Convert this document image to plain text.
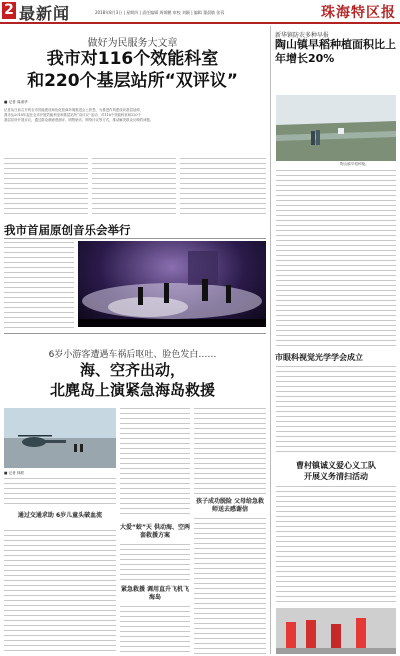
2 最新闻	2018年8月3日 | 星期四 | 责任编辑 周炳鹏 审校 刘颖 | 编辑 董晨敏 张蓉	珠海特区报
做好为民服务大文章
我市对116个效能科室
和220个基层站所“双评议”
■ 记者 周淑华
记者从日前召开的全市效能建设和优化营商环境推进会上获悉，为推进作风建设向基层延伸，
我市从2018年起在全市开展效能科室和基层站所“双评议”活动，对116个效能科室和220个
基层站所开展评议，通过群众满意度测评、明察暗访、网络评议等方式，推动解决群众反映的问题。
新华镇防农多种早报
陶山镇早稻种植面积比上年增长20%
陶山镇早稻种植。
我市首届原创音乐会举行
6岁小游客遭遇车祸后呕吐、脸色发白……
海、空齐出动，
北麂岛上演紧急海岛救援
■ 记者 林联
通过交通求助 6岁儿童头破血流
紧急救援 调用直升飞机飞海岛
大爱“蛟”天 供动海、空两套救援方案
孩子成功脱险 父母给急救师送去感谢信
市眼科视觉光学学会成立
曹村镇诚义爱心义工队
开展义务清扫活动
